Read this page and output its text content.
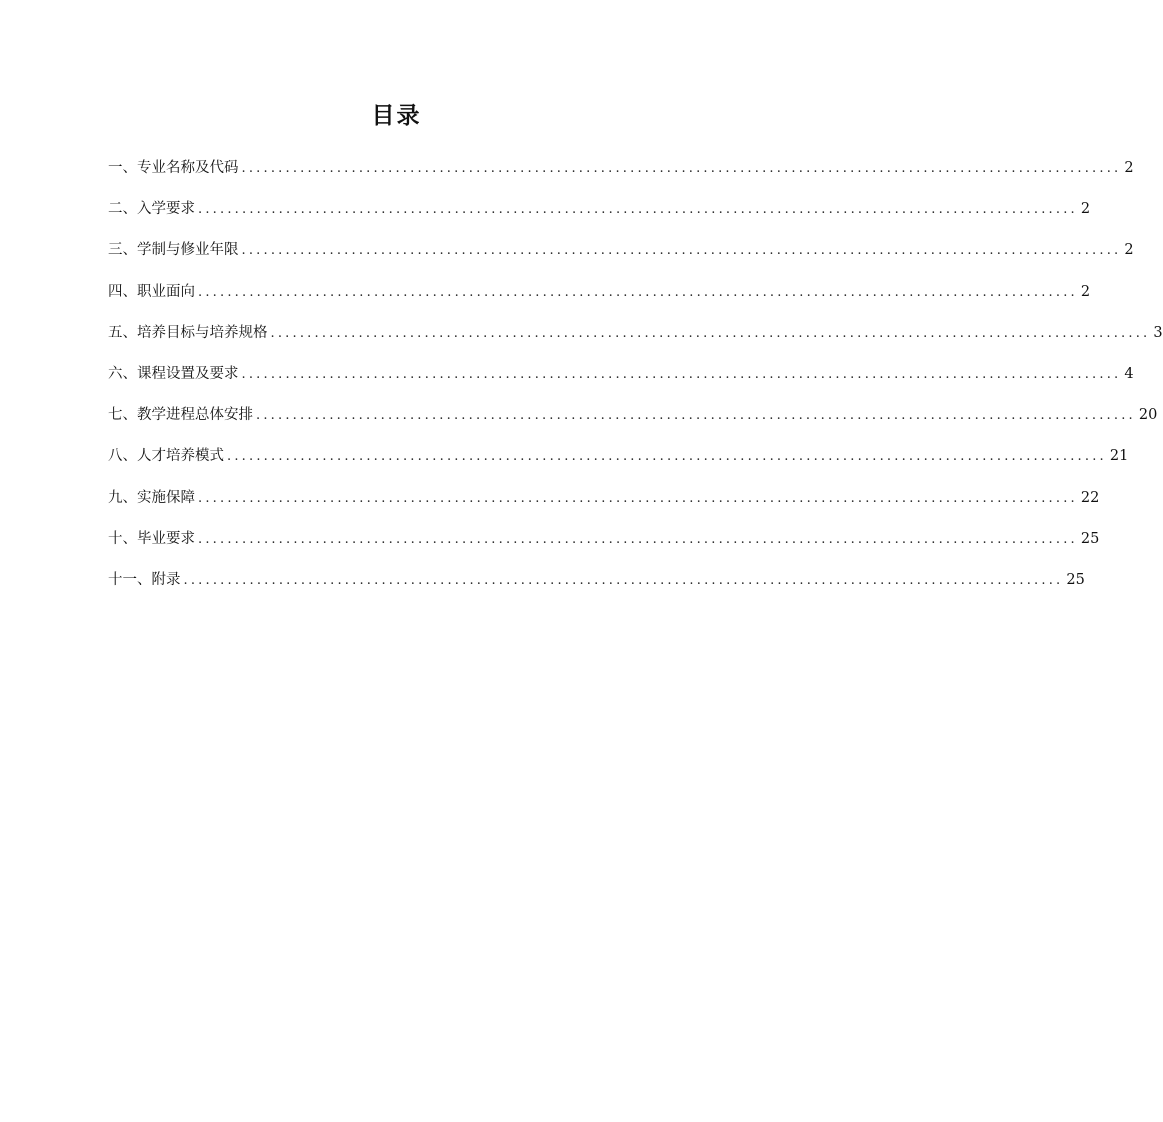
目录
一、专业名称及代码 ........................................................................................................................ 2
二、入学要求 ........................................................................................................................ 2
三、学制与修业年限 ........................................................................................................................ 2
四、职业面向 ........................................................................................................................ 2
五、培养目标与培养规格 ........................................................................................................................ 3
六、课程设置及要求 ........................................................................................................................ 4
七、教学进程总体安排 ........................................................................................................................ 20
八、人才培养模式 ........................................................................................................................ 21
九、实施保障 ........................................................................................................................ 22
十、毕业要求 ........................................................................................................................ 25
十一、附录 ........................................................................................................................ 25
